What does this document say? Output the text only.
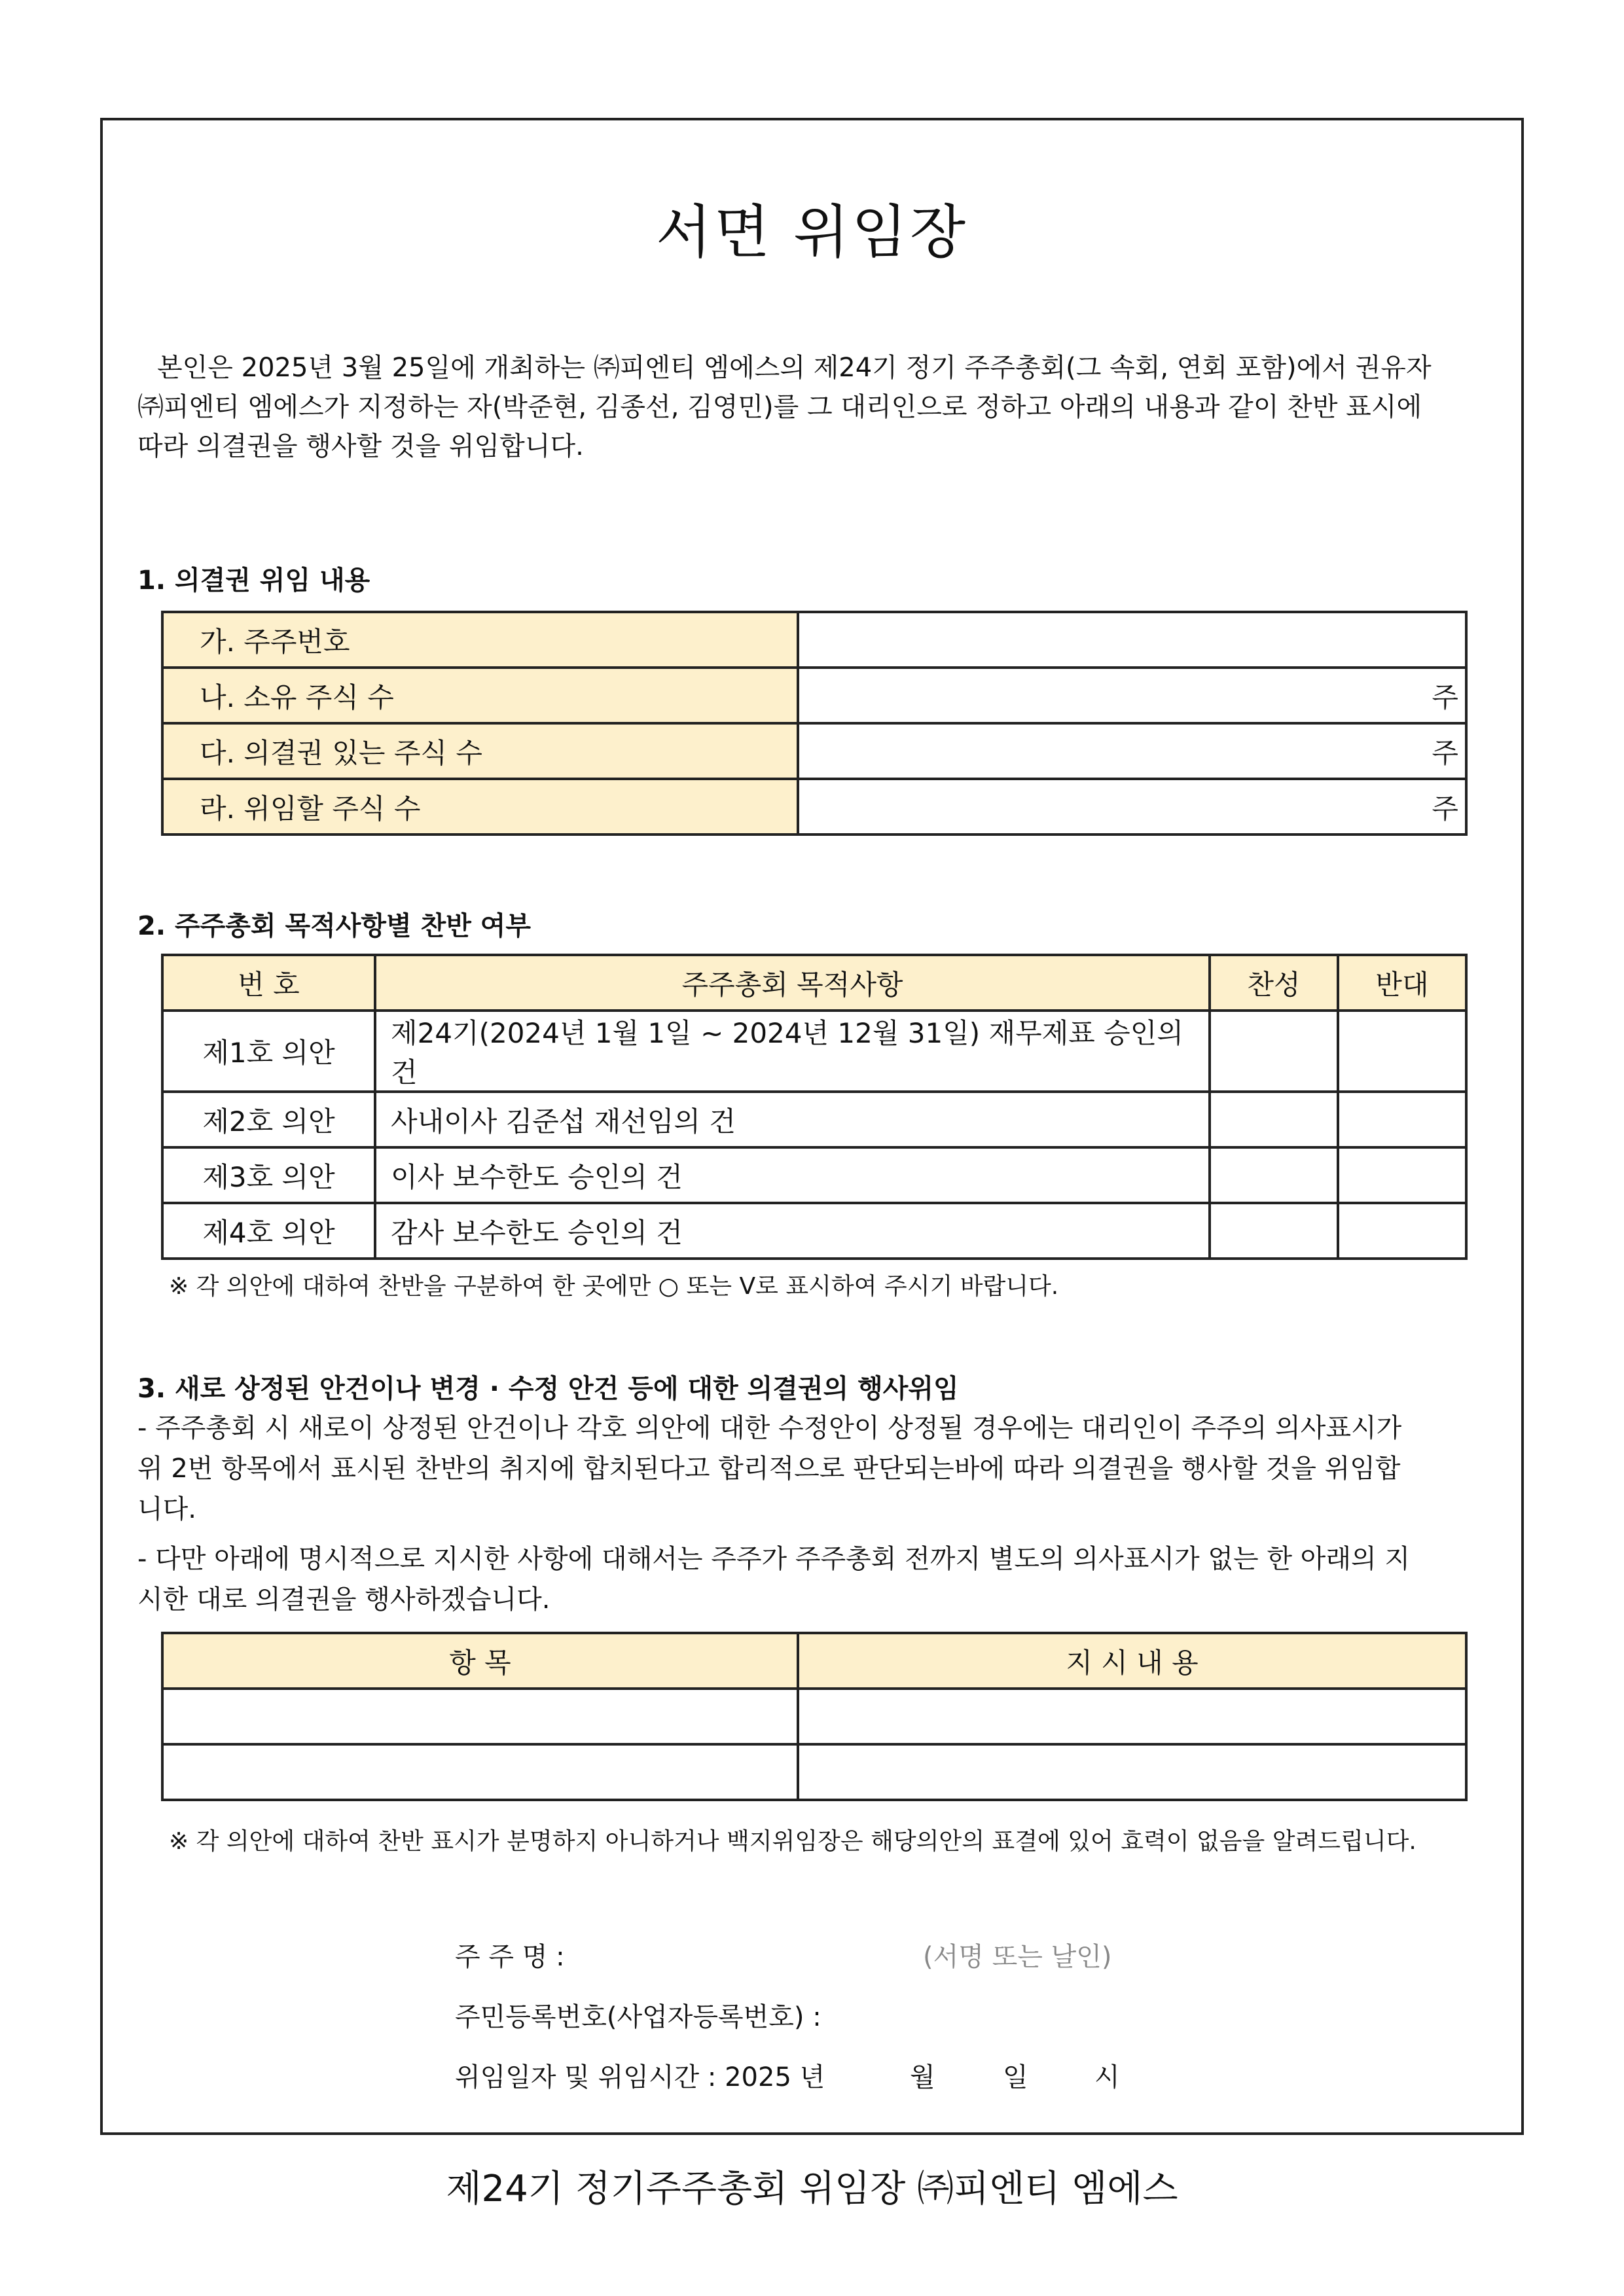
서면 위임장
본인은 2025년 3월 25일에 개최하는 ㈜피엔티 엠에스의 제24기 정기 주주총회(그 속회, 연회 포함)에서 권유자
㈜피엔티 엠에스가 지정하는 자(박준현, 김종선, 김영민)를 그 대리인으로 정하고 아래의 내용과 같이 찬반 표시에
따라 의결권을 행사할 것을 위임합니다.
1. 의결권 위임 내용
가. 주주번호	
나. 소유 주식 수	주
다. 의결권 있는 주식 수	주
라. 위임할 주식 수	주
2. 주주총회 목적사항별 찬반 여부
번 호	주주총회 목적사항	찬성	반대
제1호 의안	제24기(2024년 1월 1일 ~ 2024년 12월 31일) 재무제표 승인의 건		
제2호 의안	사내이사 김준섭 재선임의 건		
제3호 의안	이사 보수한도 승인의 건		
제4호 의안	감사 보수한도 승인의 건		
※ 각 의안에 대하여 찬반을 구분하여 한 곳에만 ○ 또는 V로 표시하여 주시기 바랍니다.
3. 새로 상정된 안건이나 변경 · 수정 안건 등에 대한 의결권의 행사위임
- 주주총회 시 새로이 상정된 안건이나 각호 의안에 대한 수정안이 상정될 경우에는 대리인이 주주의 의사표시가
위 2번 항목에서 표시된 찬반의 취지에 합치된다고 합리적으로 판단되는바에 따라 의결권을 행사할 것을 위임합
니다.
- 다만 아래에 명시적으로 지시한 사항에 대해서는 주주가 주주총회 전까지 별도의 의사표시가 없는 한 아래의 지
시한 대로 의결권을 행사하겠습니다.
항 목	지 시 내 용

※ 각 의안에 대하여 찬반 표시가 분명하지 아니하거나 백지위임장은 해당의안의 표결에 있어 효력이 없음을 알려드립니다.
주 주 명 :	(서명 또는 날인)
주민등록번호(사업자등록번호) :
위임일자 및 위임시간 : 2025 년	월	일	시
제24기 정기주주총회 위임장 ㈜피엔티 엠에스
